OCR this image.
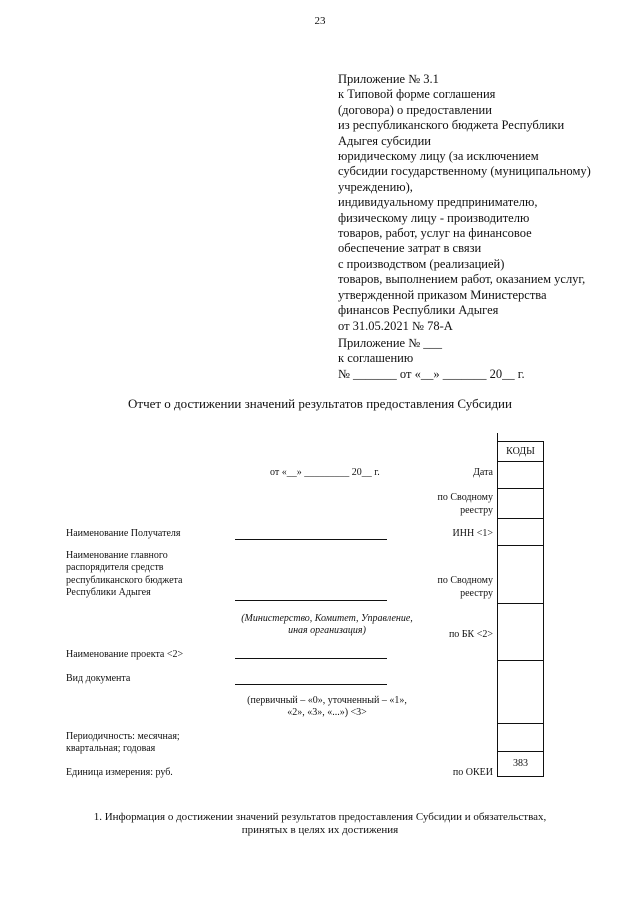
23
Приложение № 3.1
к Типовой форме соглашения
(договора) о предоставлении
из республиканского бюджета Республики
Адыгея субсидии
юридическому лицу (за исключением
субсидии государственному (муниципальному)
учреждению),
индивидуальному предпринимателю,
физическому лицу - производителю
товаров, работ, услуг на финансовое
обеспечение затрат в связи
с производством (реализацией)
товаров, выполнением работ, оказанием услуг,
утвержденной приказом Министерства
финансов Республики Адыгея
от 31.05.2021 № 78-А
Приложение № ___
к соглашению
№ _______ от «__» _______ 20__ г.
Отчет о достижении значений результатов предоставления Субсидии
КОДЫ
383
Дата
по Сводному
реестру
ИНН <1>
по Сводному
реестру
по БК <2>
по ОКЕИ
от «__» _________ 20__ г.
Наименование Получателя
Наименование главного
распорядителя средств
республиканского бюджета
Республики Адыгея
(Министерство, Комитет, Управление,
иная организация)
Наименование проекта <2>
Вид документа
(первичный – «0», уточненный – «1»,
«2», «3», «...») <3>
Периодичность: месячная;
квартальная; годовая
Единица измерения: руб.
1. Информация о достижении значений результатов предоставления Субсидии и обязательствах,
принятых в целях их достижения
